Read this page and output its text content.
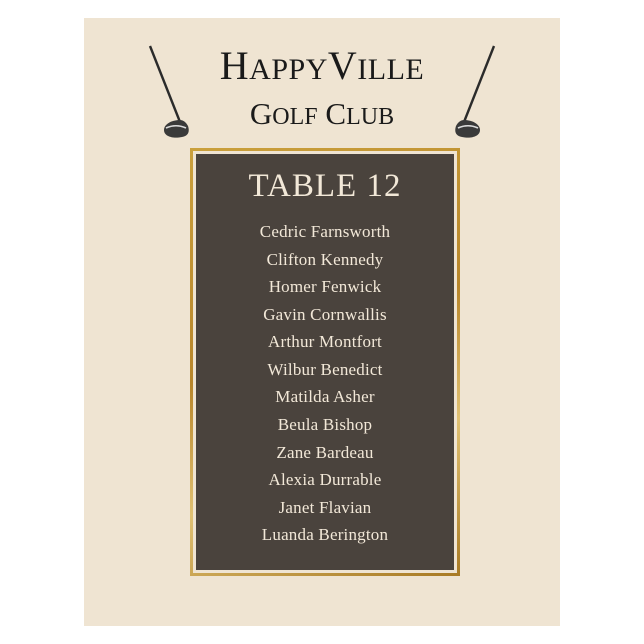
HAPPYVILLE
GOLF CLUB
TABLE 12
Cedric Farnsworth
Clifton Kennedy
Homer Fenwick
Gavin Cornwallis
Arthur Montfort
Wilbur Benedict
Matilda Asher
Beula Bishop
Zane Bardeau
Alexia Durrable
Janet Flavian
Luanda Berington
